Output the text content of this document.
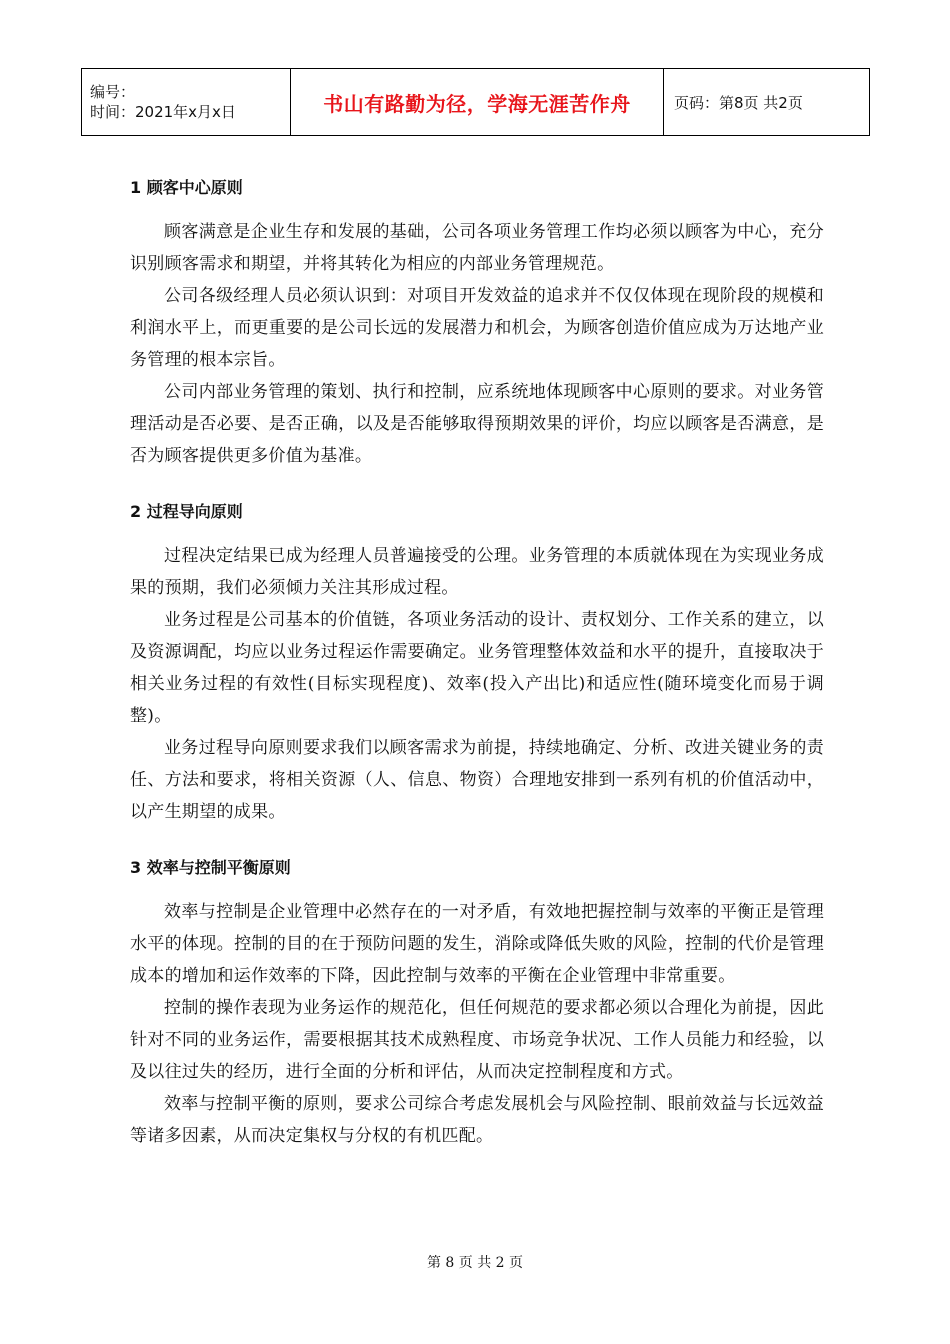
编号：
时间：2021年x月x日	书山有路勤为径，学海无涯苦作舟	页码：第8页 共2页
1 顾客中心原则

顾客满意是企业生存和发展的基础，公司各项业务管理工作均必须以顾客为中心，充分识别顾客需求和期望，并将其转化为相应的内部业务管理规范。

公司各级经理人员必须认识到：对项目开发效益的追求并不仅仅体现在现阶段的规模和利润水平上，而更重要的是公司长远的发展潜力和机会，为顾客创造价值应成为万达地产业务管理的根本宗旨。

公司内部业务管理的策划、执行和控制，应系统地体现顾客中心原则的要求。对业务管理活动是否必要、是否正确，以及是否能够取得预期效果的评价，均应以顾客是否满意，是否为顾客提供更多价值为基准。

2 过程导向原则

过程决定结果已成为经理人员普遍接受的公理。业务管理的本质就体现在为实现业务成果的预期，我们必须倾力关注其形成过程。

业务过程是公司基本的价值链，各项业务活动的设计、责权划分、工作关系的建立，以及资源调配，均应以业务过程运作需要确定。业务管理整体效益和水平的提升，直接取决于相关业务过程的有效性(目标实现程度)、效率(投入产出比)和适应性(随环境变化而易于调整)。

业务过程导向原则要求我们以顾客需求为前提，持续地确定、分析、改进关键业务的责任、方法和要求，将相关资源（人、信息、物资）合理地安排到一系列有机的价值活动中，以产生期望的成果。

3 效率与控制平衡原则

效率与控制是企业管理中必然存在的一对矛盾，有效地把握控制与效率的平衡正是管理水平的体现。控制的目的在于预防问题的发生，消除或降低失败的风险，控制的代价是管理成本的增加和运作效率的下降，因此控制与效率的平衡在企业管理中非常重要。

控制的操作表现为业务运作的规范化，但任何规范的要求都必须以合理化为前提，因此针对不同的业务运作，需要根据其技术成熟程度、市场竞争状况、工作人员能力和经验，以及以往过失的经历，进行全面的分析和评估，从而决定控制程度和方式。

效率与控制平衡的原则，要求公司综合考虑发展机会与风险控制、眼前效益与长远效益等诸多因素，从而决定集权与分权的有机匹配。

第 8 页 共 2 页
